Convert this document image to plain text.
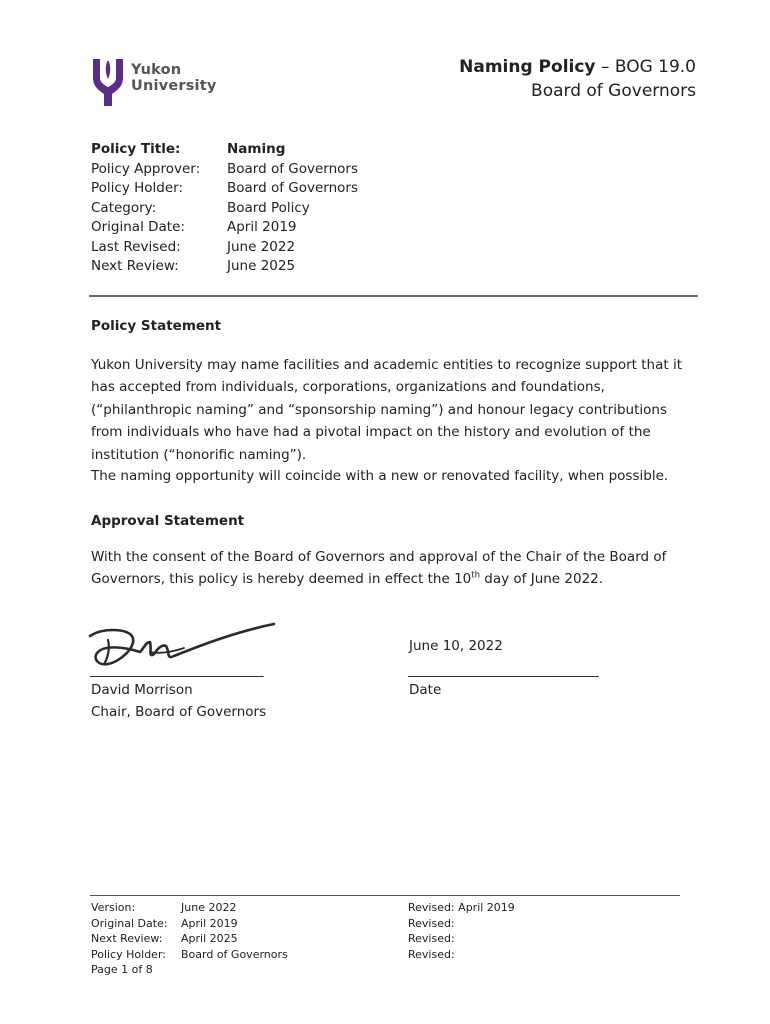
Yukon
University
Naming Policy – BOG 19.0
Board of Governors
Policy Title:	Naming
Policy Approver:	Board of Governors
Policy Holder:	Board of Governors
Category:	Board Policy
Original Date:	April 2019
Last Revised:	June 2022
Next Review:	June 2025
Policy Statement
Yukon University may name facilities and academic entities to recognize support that it has accepted from individuals, corporations, organizations and foundations, (“philanthropic naming” and “sponsorship naming”) and honour legacy contributions from individuals who have had a pivotal impact on the history and evolution of the institution (“honorific naming”).
The naming opportunity will coincide with a new or renovated facility, when possible.
Approval Statement
With the consent of the Board of Governors and approval of the Chair of the Board of Governors, this policy is hereby deemed in effect the 10th day of June 2022.
______________________________
David Morrison
Chair, Board of Governors
June 10, 2022
_________________________________
Date
Version:	June 2022	Revised: April 2019
Original Date:	April 2019	Revised:
Next Review:	April 2025	Revised:
Policy Holder:	Board of Governors	Revised:
Page 1 of 8
